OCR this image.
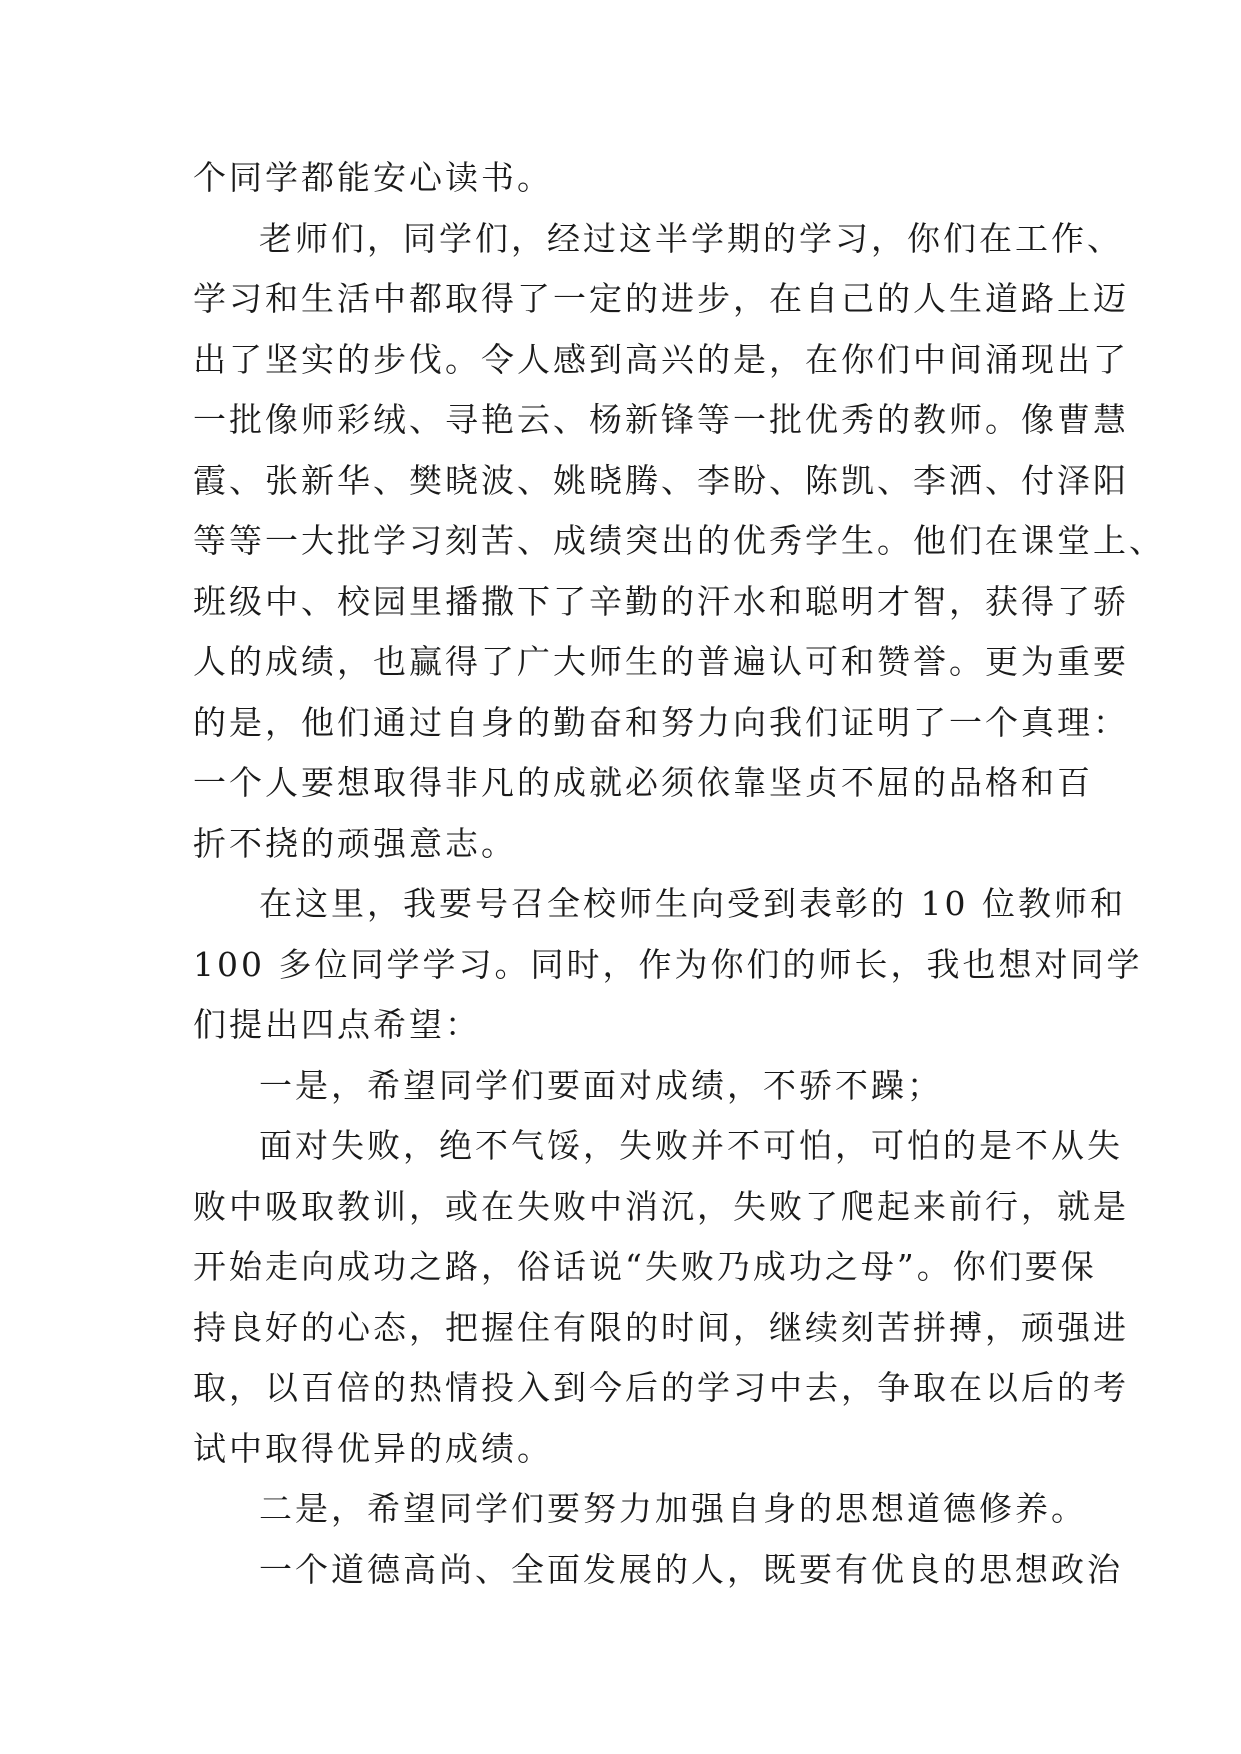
个同学都能安心读书。
老师们，同学们，经过这半学期的学习，你们在工作、
学习和生活中都取得了一定的进步，在自己的人生道路上迈
出了坚实的步伐。令人感到高兴的是，在你们中间涌现出了
一批像师彩绒、寻艳云、杨新锋等一批优秀的教师。像曹慧
霞、张新华、樊晓波、姚晓腾、李盼、陈凯、李洒、付泽阳
等等一大批学习刻苦、成绩突出的优秀学生。他们在课堂上、
班级中、校园里播撒下了辛勤的汗水和聪明才智，获得了骄
人的成绩，也赢得了广大师生的普遍认可和赞誉。更为重要
的是，他们通过自身的勤奋和努力向我们证明了一个真理：
一个人要想取得非凡的成就必须依靠坚贞不屈的品格和百
折不挠的顽强意志。
在这里，我要号召全校师生向受到表彰的 10 位教师和
100 多位同学学习。同时，作为你们的师长，我也想对同学
们提出四点希望：
一是，希望同学们要面对成绩，不骄不躁；
面对失败，绝不气馁，失败并不可怕，可怕的是不从失
败中吸取教训，或在失败中消沉，失败了爬起来前行，就是
开始走向成功之路，俗话说“失败乃成功之母”。你们要保
持良好的心态，把握住有限的时间，继续刻苦拼搏，顽强进
取，以百倍的热情投入到今后的学习中去，争取在以后的考
试中取得优异的成绩。
二是，希望同学们要努力加强自身的思想道德修养。
一个道德高尚、全面发展的人，既要有优良的思想政治
